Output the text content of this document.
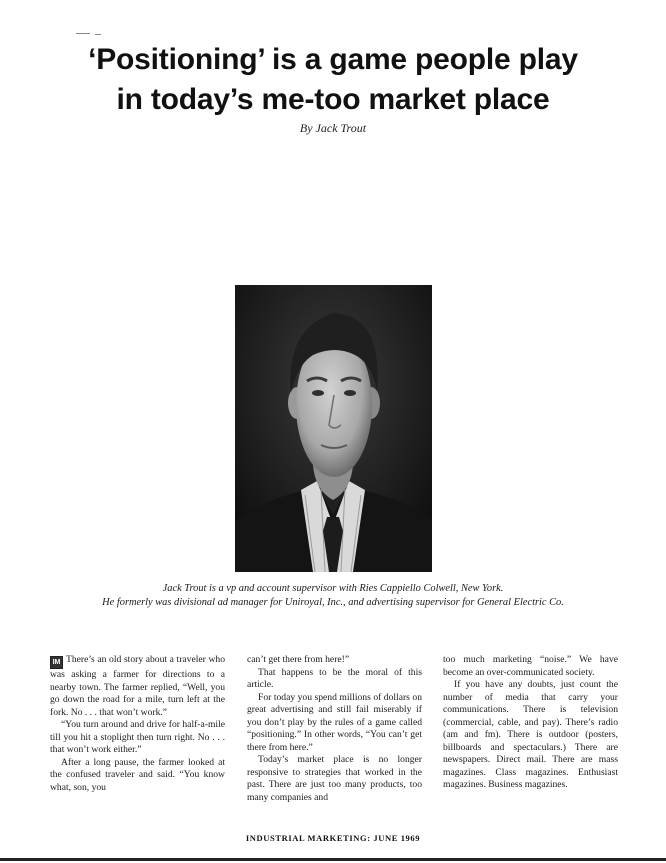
‘Positioning’ is a game people play
in today’s me-too market place
By Jack Trout
Jack Trout is a vp and account supervisor with Ries Cappiello Colwell, New York.
He formerly was divisional ad manager for Uniroyal, Inc., and advertising supervisor for General Electric Co.

IM There’s an old story about a traveler who was asking a farmer for directions to a nearby town. The farmer replied, “Well, you go down the road for a mile, turn left at the fork. No . . . that won’t work.”

“You turn around and drive for half-a-mile till you hit a stoplight then turn right. No . . . that won’t work either.”

After a long pause, the farmer looked at the confused traveler and said. “You know what, son, you

can’t get there from here!”

That happens to be the moral of this article.

For today you spend millions of dollars on great advertising and still fail miserably if you don’t play by the rules of a game called “positioning.” In other words, “You can’t get there from here.”

Today’s market place is no longer responsive to strategies that worked in the past. There are just too many products, too many companies and

too much marketing “noise.” We have become an over-communicated society.

If you have any doubts, just count the number of media that carry your communications. There is television (commercial, cable, and pay). There’s radio (am and fm). There is outdoor (posters, billboards and spectaculars.) There are newspapers. Direct mail. There are mass magazines. Class magazines. Enthusiast magazines. Business magazines.

INDUSTRIAL MARKETING: JUNE 1969
